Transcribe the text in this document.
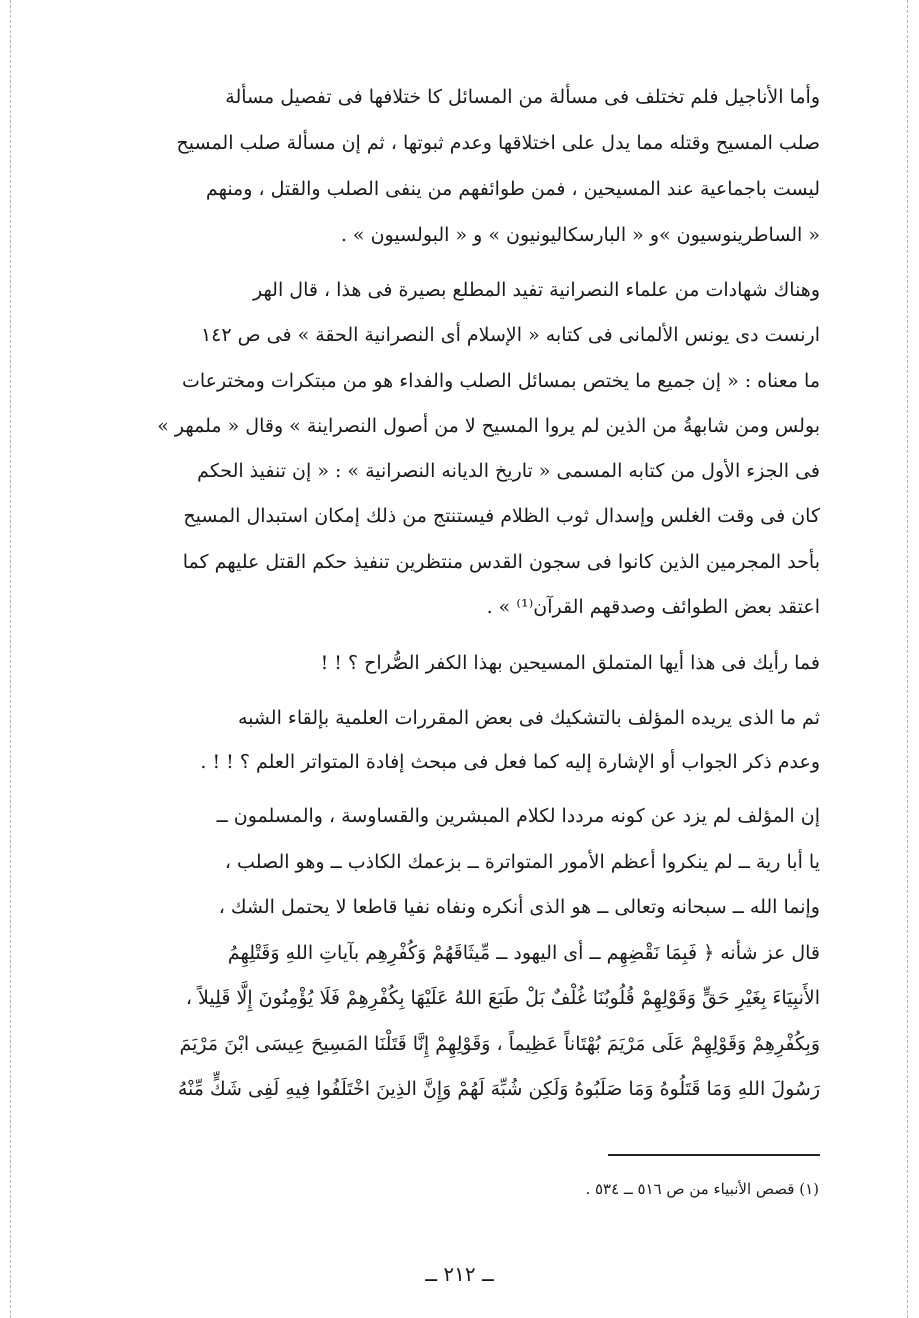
وأما الأناجيل فلم تختلف فى مسألة من المسائل كا ختلافها فى تفصيل مسألة
صلب المسيح وقتله مما يدل على اختلاقها وعدم ثبوتها ، ثم إن مسألة صلب المسيح
ليست باجماعية عند المسيحين ، فمن طوائفهم من ينفى الصلب والقتل ، ومنهم
« الساطرينوسيون »و « البارسكاليونيون » و « البولسيون » .

وهناك شهادات من علماء النصرانية تفيد المطلع بصيرة فى هذا ، قال الهر
ارنست دى يونس الألمانى فى كتابه « الإسلام أى النصرانية الحقة » فى ص ١٤٢
ما معناه : « إن جميع ما يختص بمسائل الصلب والفداء هو من مبتكرات ومخترعات
بولس ومن شابهةُ من الذين لم يروا المسيح لا من أصول النصراينة » وقال « ملمهر »
فى الجزء الأول من كتابه المسمى « تاريخ الديانه النصرانية » : « إن تنفيذ الحكم
كان فى وقت الغلس وإسدال ثوب الظلام فيستنتج من ذلك إمكان استبدال المسيح
بأحد المجرمين الذين كانوا فى سجون القدس منتظرين تنفيذ حكم القتل عليهم كما
اعتقد بعض الطوائف وصدقهم القرآن⁽¹⁾ » .

فما رأيك فى هذا أيها المتملق المسيحين بهذا الكفر الصُّراح ؟ ! !

ثم ما الذى يريده المؤلف بالتشكيك فى بعض المقررات العلمية بإلقاء الشبه
وعدم ذكر الجواب أو الإشارة إليه كما فعل فى مبحث إفادة المتواتر العلم ؟ ! ! .

إن المؤلف لم يزد عن كونه مرددا لكلام المبشرين والقساوسة ، والمسلمون ــ
يا أبا رية ــ لم ينكروا أعظم الأمور المتواترة ــ بزعمك الكاذب ــ وهو الصلب ،
وإنما الله ــ سبحانه وتعالى ــ هو الذى أنكره ونفاه نفيا قاطعا لا يحتمل الشك ،
قال عز شأنه ﴿ فَبِمَا نَقْضِهِم ــ أى اليهود ــ مِّيثَاقَهُمْ وَكُفْرِهِم بآياتِ اللهِ وَقَتْلِهِمُ
الأَنبِيَاءَ بِغَيْرِ حَقٍّ وَقَوْلِهِمْ قُلُوبُنَا غُلْفٌ بَلْ طَبَعَ اللهُ عَلَيْهَا بِكُفْرِهِمْ فَلَا يُؤْمِنُونَ إِلَّا قَلِيلاً ،
وَبِكُفْرِهِمْ وَقَوْلِهِمْ عَلَى مَرْيَمَ بُهْتَاناً عَظِيماً ، وَقَوْلِهِمْ إِنَّا قَتَلْنَا المَسِيحَ عِيسَى ابْنَ مَرْيَمَ
رَسُولَ اللهِ وَمَا قَتَلُوهُ وَمَا صَلَبُوهُ وَلَكِن شُبِّهَ لَهُمْ وَإِنَّ الذِينَ اخْتَلَفُوا فِيهِ لَفِى شَكٍّ مِّنْهُ

(١) قصص الأنبياء من ص ٥١٦ ــ ٥٣٤ .
ــ ٢١٢ ــ
